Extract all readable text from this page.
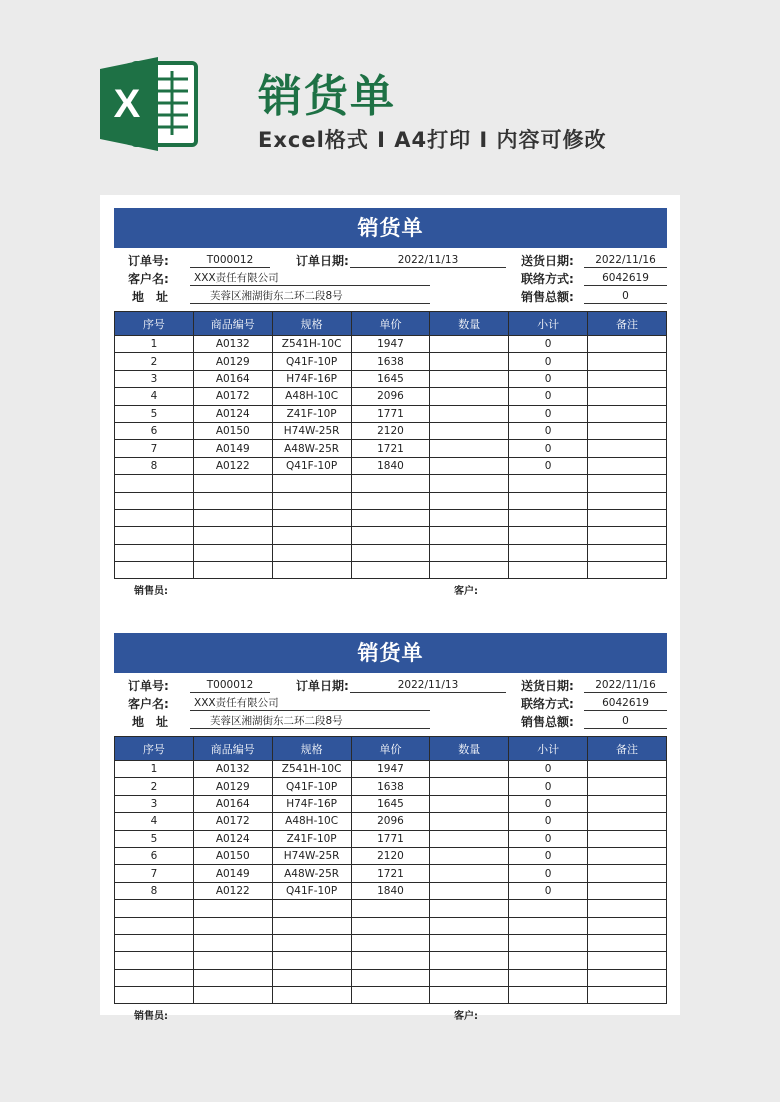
X	销货单
Excel格式 I A4打印 I 内容可修改
销货单
订单号:	T000012	订单日期:	2022/11/13	送货日期:	2022/11/16
客户名:	XXX责任有限公司	联络方式:	6042619
地　址	芙蓉区湘湖街东二环二段8号	销售总额:	0
序号	商品编号	规格	单价	数量	小计	备注
1	A0132	Z541H-10C	1947		0	
2	A0129	Q41F-10P	1638		0	
3	A0164	H74F-16P	1645		0	
4	A0172	A48H-10C	2096		0	
5	A0124	Z41F-10P	1771		0	
6	A0150	H74W-25R	2120		0	
7	A0149	A48W-25R	1721		0	
8	A0122	Q41F-10P	1840		0	

销售员:	客户:
销货单
订单号:	T000012	订单日期:	2022/11/13	送货日期:	2022/11/16
客户名:	XXX责任有限公司	联络方式:	6042619
地　址	芙蓉区湘湖街东二环二段8号	销售总额:	0
序号	商品编号	规格	单价	数量	小计	备注
1	A0132	Z541H-10C	1947		0	
2	A0129	Q41F-10P	1638		0	
3	A0164	H74F-16P	1645		0	
4	A0172	A48H-10C	2096		0	
5	A0124	Z41F-10P	1771		0	
6	A0150	H74W-25R	2120		0	
7	A0149	A48W-25R	1721		0	
8	A0122	Q41F-10P	1840		0	

销售员:	客户:
